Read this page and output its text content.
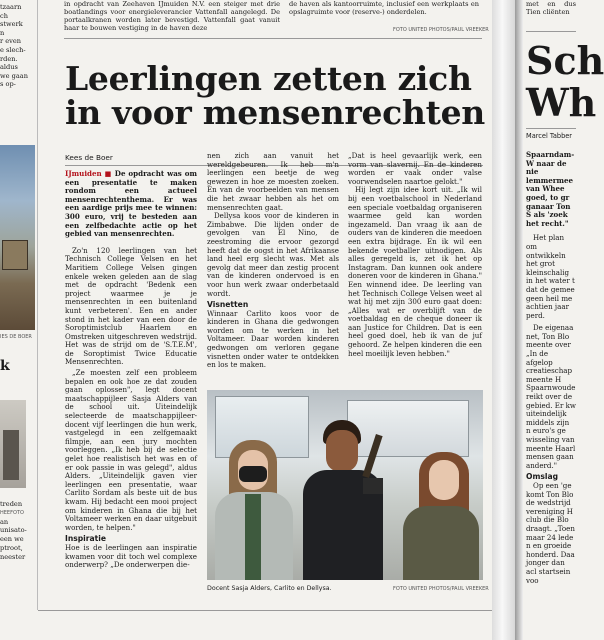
in opdracht van Zeehaven IJmuiden N.V. een steiger met drie boatlandings voor energieleverancier Vattenfall aangelegd. De portaalkranen worden later bevestigd. Vattenfall gaat vanuit haar te bouwen vestiging in de haven deze

de haven als kantoorruimte, inclusief een werkplaats en opslagruimte voor (reserve-) onderdelen.

FOTO UNITED PHOTOS/PAUL VREEKER

met en dus Tien cliënten

tzaarn
ch
stwerk
n
r even
e slech-
rden.
aldus
we gaan
s op-
IES DE BOER
k
treden
HEEFOTO
an
unisato-
een we
ptroot,
neester
Leerlingen zetten zich in voor mensenrechten
Kees de Boer

IJmuiden ■ De opdracht was om een presentatie te maken rondom een actueel mensenrechtenthema. Er was een aardige prijs mee te winnen: 300 euro, vrij te besteden aan een zelfbedachte actie op het gebied van mensenrechten.

Zo'n 120 leerlingen van het Technisch College Velsen en het Maritiem College Velsen gingen enkele weken geleden aan de slag met de opdracht 'Bedenk een project waarmee je je mensenrechten in een buitenland kunt verbeteren'. Een en ander stond in het kader van een door de Soroptimistclub Haarlem en Omstreken uitgeschreven wedstrijd. Het was de strijd om de 'S.T.E.M', de Soroptimist Twice Educatie Mensenrechten.

„Ze moesten zelf een probleem bepalen en ook hoe ze dat zouden gaan oplossen", legt docent maatschappijleer Sasja Alders van de school uit. Uiteindelijk selecteerde de maatschappijleer-docent vijf leerlingen die hun werk, vastgelegd in een zelfgemaakt filmpje, aan een jury mochten voorleggen. „Ik heb bij de selectie gelet hoe realistisch het was en of er ook passie in was gelegd", aldus Alders. „Uiteindelijk gaven vier leerlingen een presentatie, waar Carlito Sordam als beste uit de bus kwam. Hij bedacht een mooi project om kinderen in Ghana die bij het Voltameer werken en daar uitgebuit worden, te helpen."

Inspiratie

Hoe is de leerlingen aan inspiratie kwamen voor dit toch wel complexe onderwerp? „De onderwerpen die-

nen zich aan vanuit het wereldgebeuren. Ik heb m'n leerlingen een beetje de weg gewezen in hoe ze moesten zoeken. En van de voorbeelden van mensen die het zwaar hebben als het om mensenrechten gaat.

Dellysa koos voor de kinderen in Zimbabwe. Die lijden onder de gevolgen van El Nino, de zeestroming die ervoor gezorgd heeft dat de oogst in het Afrikaanse land heel erg slecht was. Met als gevolg dat meer dan zestig procent van de kinderen ondervoed is en voor hun werk zwaar onderbetaald wordt.

Visnetten

Winnaar Carlito koos voor de kinderen in Ghana die gedwongen worden om te werken in het Voltameer. Daar worden kinderen gedwongen om verloren gegane visnetten onder water te ontdekken en los te maken.

„Dat is heel gevaarlijk werk, een vorm van slavernij. En de kinderen worden er vaak onder valse voorwendselen naartoe gelokt."

Hij legt zijn idee kort uit. „Ik wil bij een voetbalschool in Nederland een speciale voetbaldag organiseren waarmee geld kan worden ingezameld. Dan vraag ik aan de ouders van de kinderen die meedoen een extra bijdrage. En ik wil een bekende voetballer uitnodigen. Als alles geregeld is, zet ik het op Instagram. Dan kunnen ook andere doneren voor de kinderen in Ghana." Een winnend idee. De leerling van het Technisch College Velsen weet al wat hij met zijn 300 euro gaat doen: „Alles wat er overblijft van de voetbaldag en de cheque doneer ik aan Justice for Children. Dat is een heel goed doel, heb ik van de juf gehoord. Ze helpen kinderen die een heel moeilijk leven hebben."

Docent Sasja Alders, Carlito en Dellysa.	FOTO UNITED PHOTOS/PAUL VREEKER
Sch Wh
Marcel Tabber

Spaarndam-W naar de nie lemmermee van Whee goed, to gr ganaar Ton S als 'zoek het recht."

Het plan om ontwikkeln het grot kleinschalig in het water t dat de gemee geen heil me achtien jaar perd.

De eigenaa net, Ton Blo meente over „In de afgelop creatieschap meente H Spaarnwoude reikt over de gebied. Er kw uiteindelijk middels zijn n euro's ge wisseling van meente Haarl mensen gaan anderd."

Omslag

Op een 'ge komt Ton Blo de wedstrijd vereniging H club die Blo draagt. „Toen maar 24 lede n en groeide honderd. Daa jonger dan acl startsein voo
